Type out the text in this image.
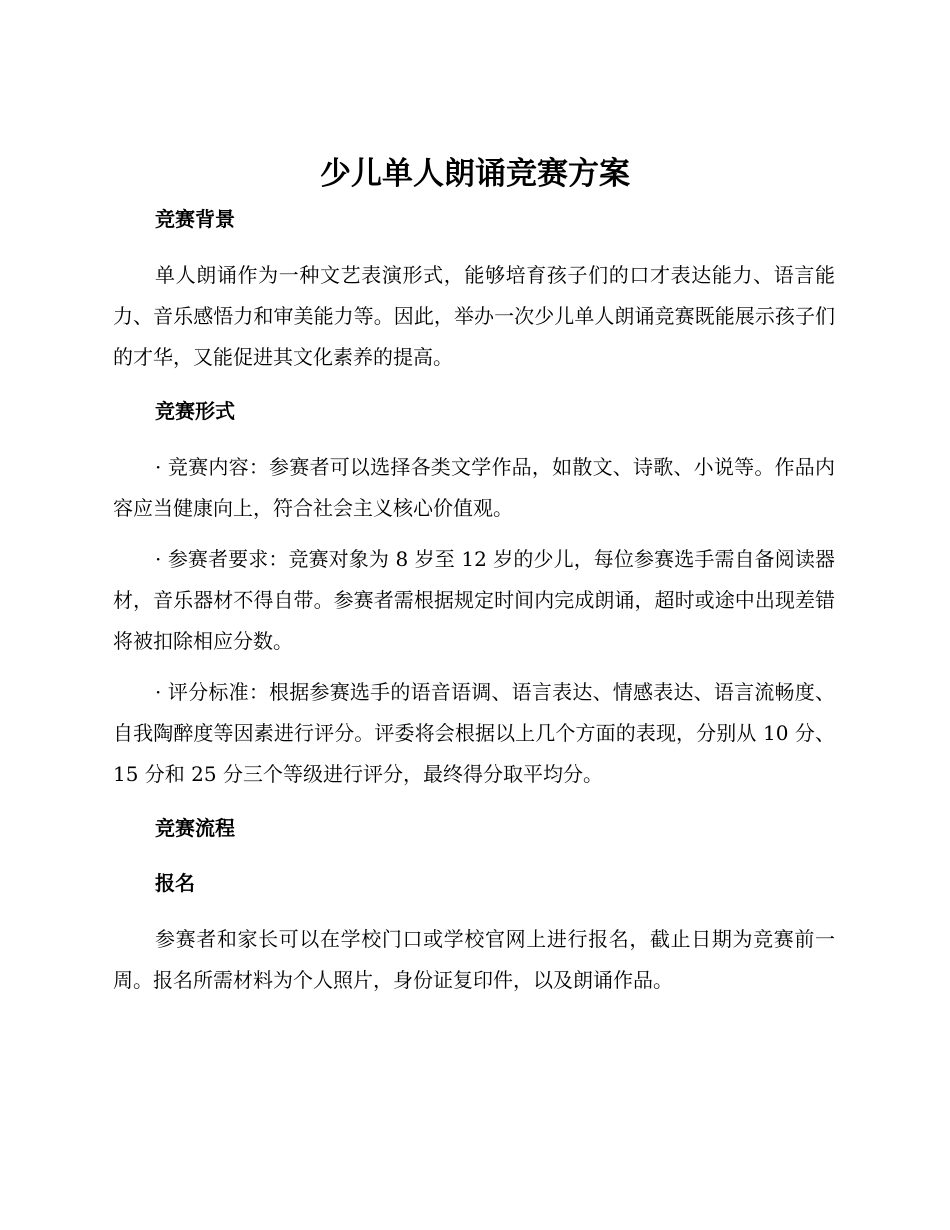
少儿单人朗诵竞赛方案
竞赛背景

单人朗诵作为一种文艺表演形式，能够培育孩子们的口才表达能力、语言能力、音乐感悟力和审美能力等。因此，举办一次少儿单人朗诵竞赛既能展示孩子们的才华，又能促进其文化素养的提高。

竞赛形式

· 竞赛内容：参赛者可以选择各类文学作品，如散文、诗歌、小说等。作品内容应当健康向上，符合社会主义核心价值观。

· 参赛者要求：竞赛对象为 8 岁至 12 岁的少儿，每位参赛选手需自备阅读器材，音乐器材不得自带。参赛者需根据规定时间内完成朗诵，超时或途中出现差错将被扣除相应分数。

· 评分标准：根据参赛选手的语音语调、语言表达、情感表达、语言流畅度、自我陶醉度等因素进行评分。评委将会根据以上几个方面的表现，分别从 10 分、15 分和 25 分三个等级进行评分，最终得分取平均分。

竞赛流程
报名

参赛者和家长可以在学校门口或学校官网上进行报名，截止日期为竞赛前一周。报名所需材料为个人照片，身份证复印件，以及朗诵作品。
